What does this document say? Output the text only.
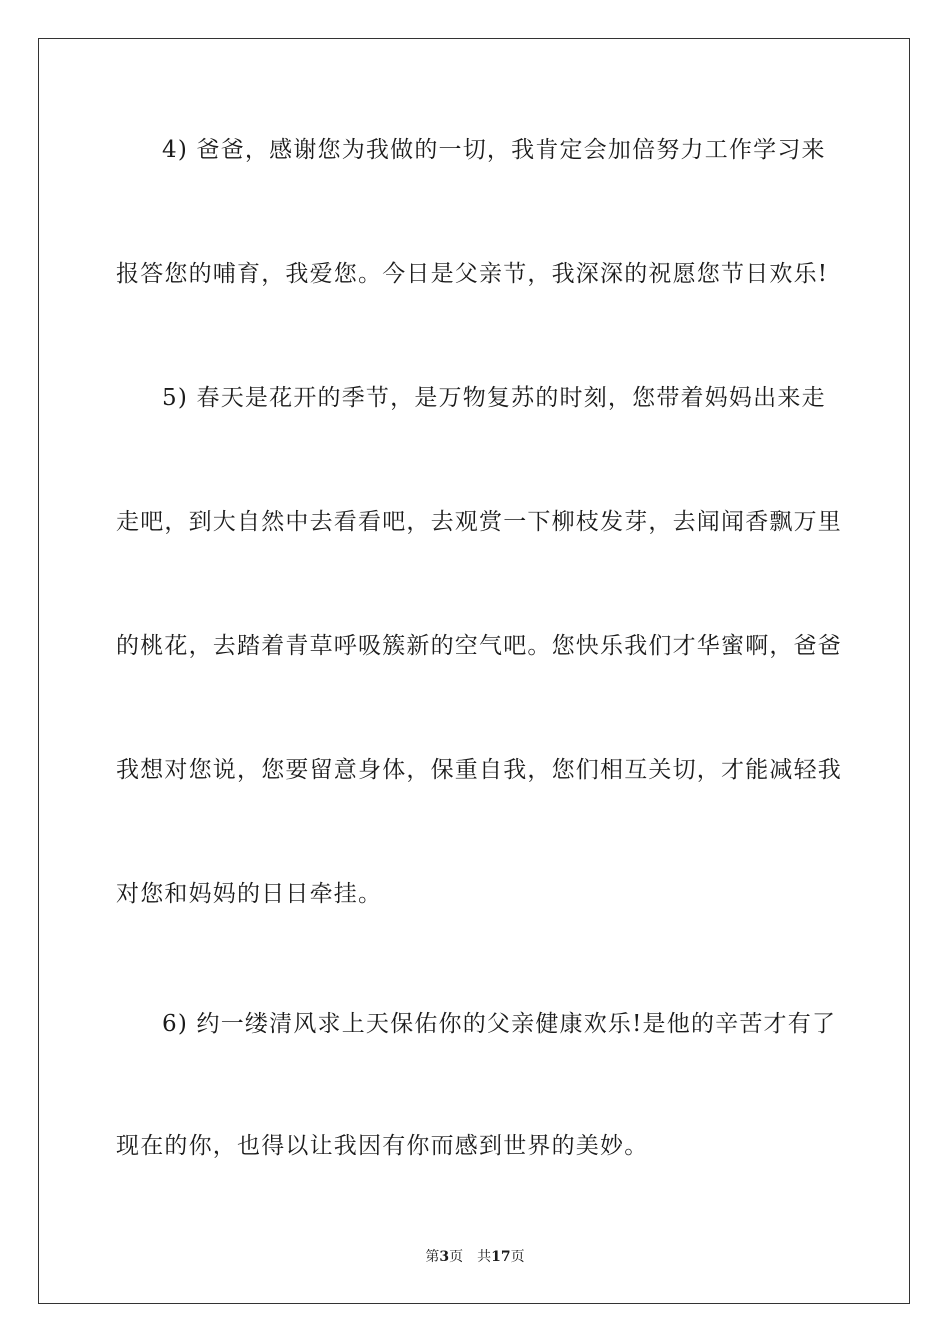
4) 爸爸，感谢您为我做的一切，我肯定会加倍努力工作学习来
报答您的哺育，我爱您。今日是父亲节，我深深的祝愿您节日欢乐!
5) 春天是花开的季节，是万物复苏的时刻，您带着妈妈出来走
走吧，到大自然中去看看吧，去观赏一下柳枝发芽，去闻闻香飘万里
的桃花，去踏着青草呼吸簇新的空气吧。您快乐我们才华蜜啊，爸爸
我想对您说，您要留意身体，保重自我，您们相互关切，才能减轻我
对您和妈妈的日日牵挂。
6) 约一缕清风求上天保佑你的父亲健康欢乐!是他的辛苦才有了
现在的你，也得以让我因有你而感到世界的美妙。
第3页 共17页
